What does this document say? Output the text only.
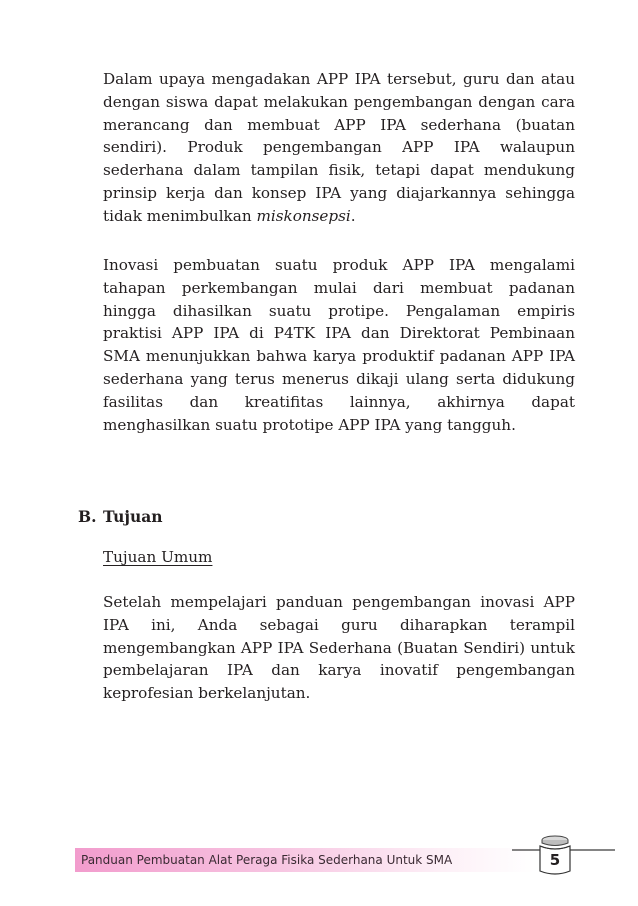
Dalam upaya mengadakan APP IPA tersebut, guru dan atau dengan siswa dapat melakukan pengembangan dengan cara merancang dan membuat APP IPA sederhana (buatan sendiri). Produk pengembangan APP IPA walaupun sederhana dalam tampilan fisik, tetapi dapat mendukung prinsip kerja dan konsep IPA yang diajarkannya sehingga tidak menimbulkan miskonsepsi.

Inovasi pembuatan suatu produk APP IPA mengalami tahapan perkembangan mulai dari membuat padanan hingga dihasilkan suatu protipe. Pengalaman empiris praktisi APP IPA di P4TK IPA dan Direktorat Pembinaan SMA menunjukkan bahwa karya produktif padanan APP IPA sederhana yang terus menerus dikaji ulang serta didukung fasilitas dan kreatifitas lainnya, akhirnya dapat menghasilkan suatu prototipe APP IPA yang tangguh.

B. Tujuan
Tujuan Umum

Setelah mempelajari panduan pengembangan inovasi APP IPA ini, Anda sebagai guru diharapkan terampil mengembangkan APP IPA Sederhana (Buatan Sendiri) untuk pembelajaran IPA dan karya inovatif pengembangan keprofesian berkelanjutan.

Panduan Pembuatan Alat Peraga Fisika Sederhana Untuk SMA	5
